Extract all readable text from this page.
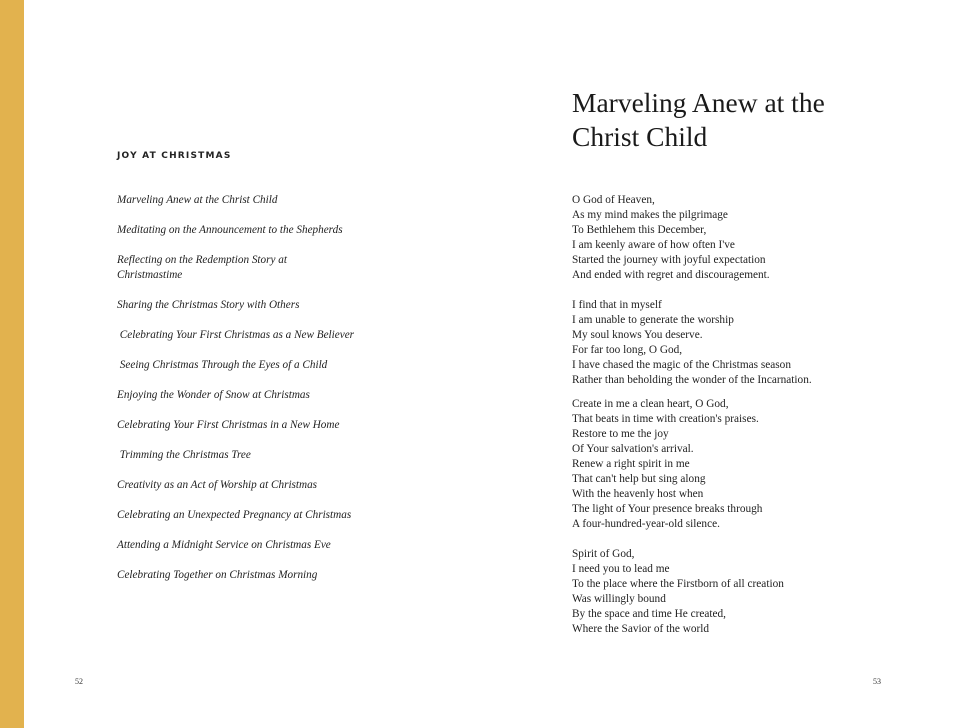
JOY AT CHRISTMAS
Marveling Anew at the Christ Child
Meditating on the Announcement to the Shepherds
Reflecting on the Redemption Story at
Christmastime
Sharing the Christmas Story with Others
Celebrating Your First Christmas as a New Believer
Seeing Christmas Through the Eyes of a Child
Enjoying the Wonder of Snow at Christmas
Celebrating Your First Christmas in a New Home
Trimming the Christmas Tree
Creativity as an Act of Worship at Christmas
Celebrating an Unexpected Pregnancy at Christmas
Attending a Midnight Service on Christmas Eve
Celebrating Together on Christmas Morning
Marveling Anew at the Christ Child
O God of Heaven,
As my mind makes the pilgrimage
To Bethlehem this December,
I am keenly aware of how often I've
Started the journey with joyful expectation
And ended with regret and discouragement.
I find that in myself
I am unable to generate the worship
My soul knows You deserve.
For far too long, O God,
I have chased the magic of the Christmas season
Rather than beholding the wonder of the Incarnation.
Create in me a clean heart, O God,
That beats in time with creation's praises.
Restore to me the joy
Of Your salvation's arrival.
Renew a right spirit in me
That can't help but sing along
With the heavenly host when
The light of Your presence breaks through
A four-hundred-year-old silence.
Spirit of God,
I need you to lead me
To the place where the Firstborn of all creation
Was willingly bound
By the space and time He created,
Where the Savior of the world
52	53
